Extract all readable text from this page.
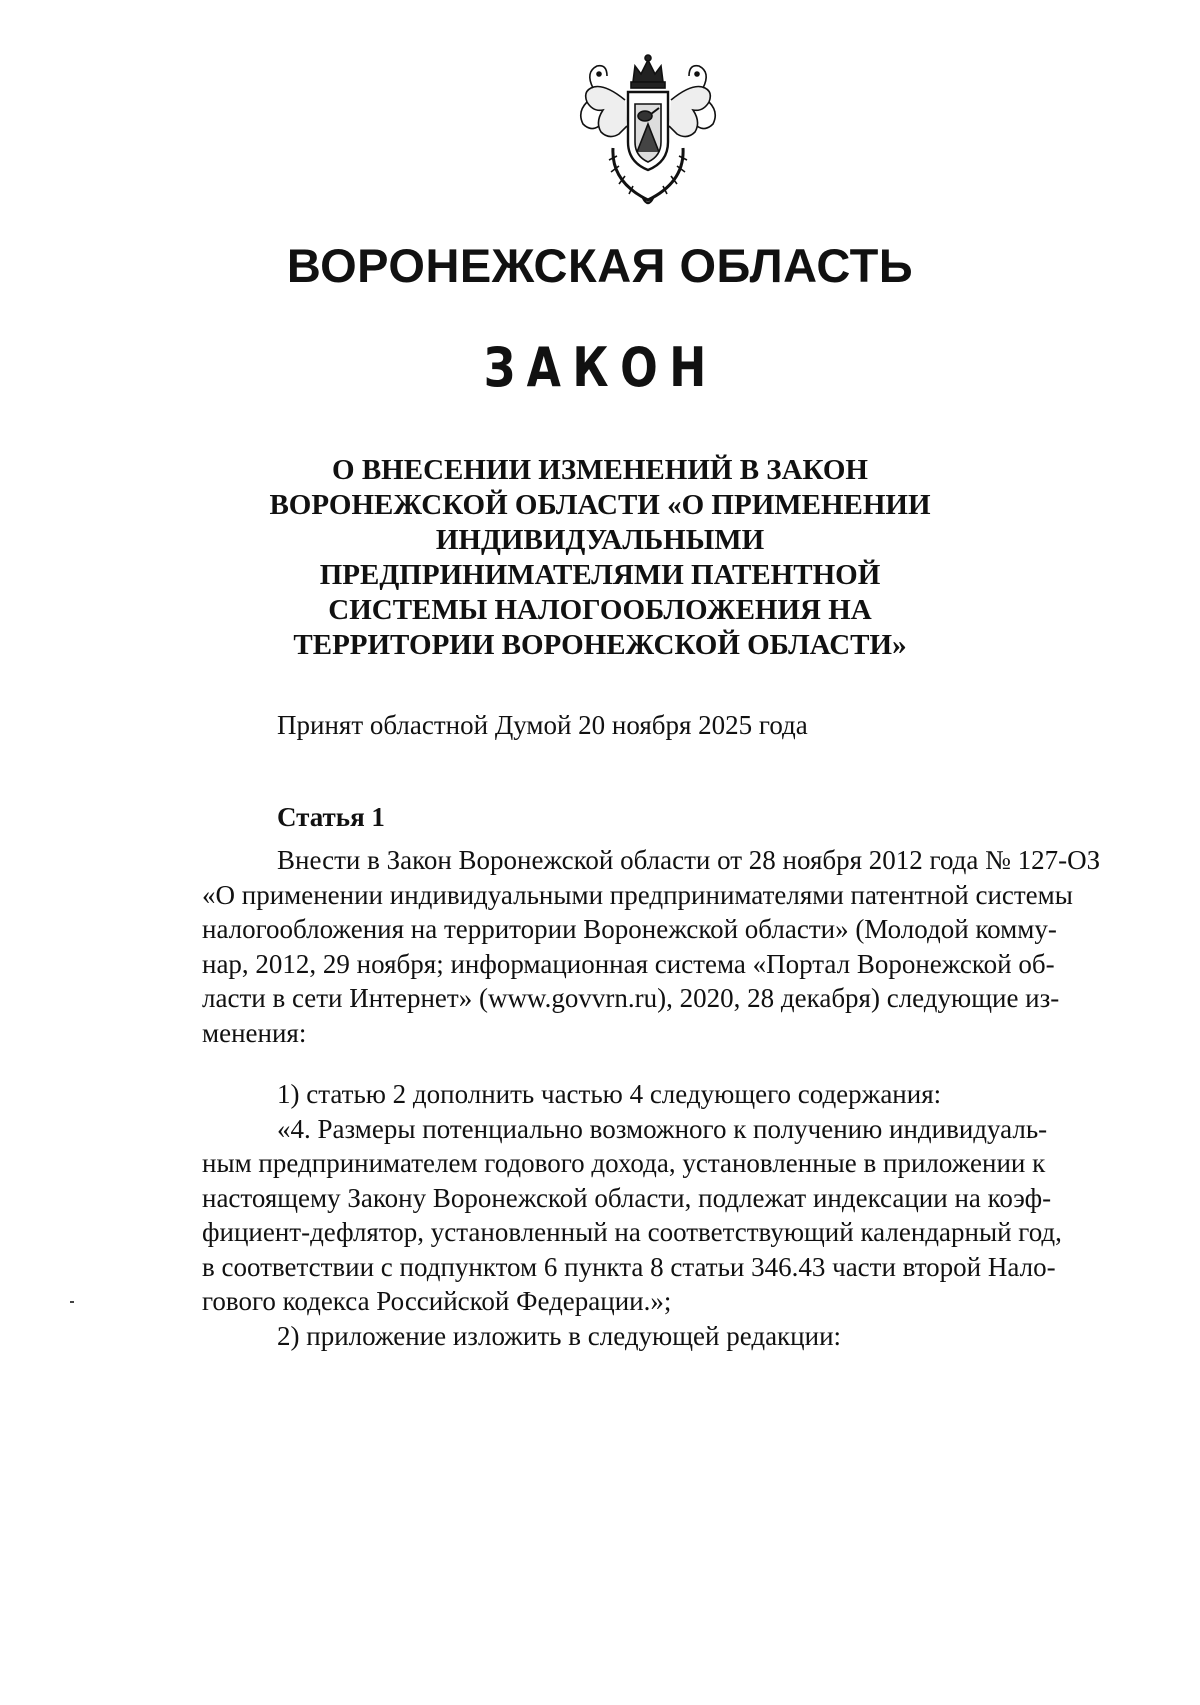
ВОРОНЕЖСКАЯ ОБЛАСТЬ
ЗАКОН
О ВНЕСЕНИИ ИЗМЕНЕНИЙ В ЗАКОН
ВОРОНЕЖСКОЙ ОБЛАСТИ «О ПРИМЕНЕНИИ
ИНДИВИДУАЛЬНЫМИ
ПРЕДПРИНИМАТЕЛЯМИ ПАТЕНТНОЙ
СИСТЕМЫ НАЛОГООБЛОЖЕНИЯ НА
ТЕРРИТОРИИ ВОРОНЕЖСКОЙ ОБЛАСТИ»
Принят областной Думой 20 ноября 2025 года
Статья 1
Внести в Закон Воронежской области от 28 ноября 2012 года № 127-ОЗ
«О применении индивидуальными предпринимателями патентной системы
налогообложения на территории Воронежской области» (Молодой комму-
нар, 2012, 29 ноября; информационная система «Портал Воронежской об-
ласти в сети Интернет» (www.govvrn.ru), 2020, 28 декабря) следующие из-
менения:
1) статью 2 дополнить частью 4 следующего содержания:
«4. Размеры потенциально возможного к получению индивидуаль-
ным предпринимателем годового дохода, установленные в приложении к
настоящему Закону Воронежской области, подлежат индексации на коэф-
фициент-дефлятор, установленный на соответствующий календарный год,
в соответствии с подпунктом 6 пункта 8 статьи 346.43 части второй Нало-
гового кодекса Российской Федерации.»;
2) приложение изложить в следующей редакции:
